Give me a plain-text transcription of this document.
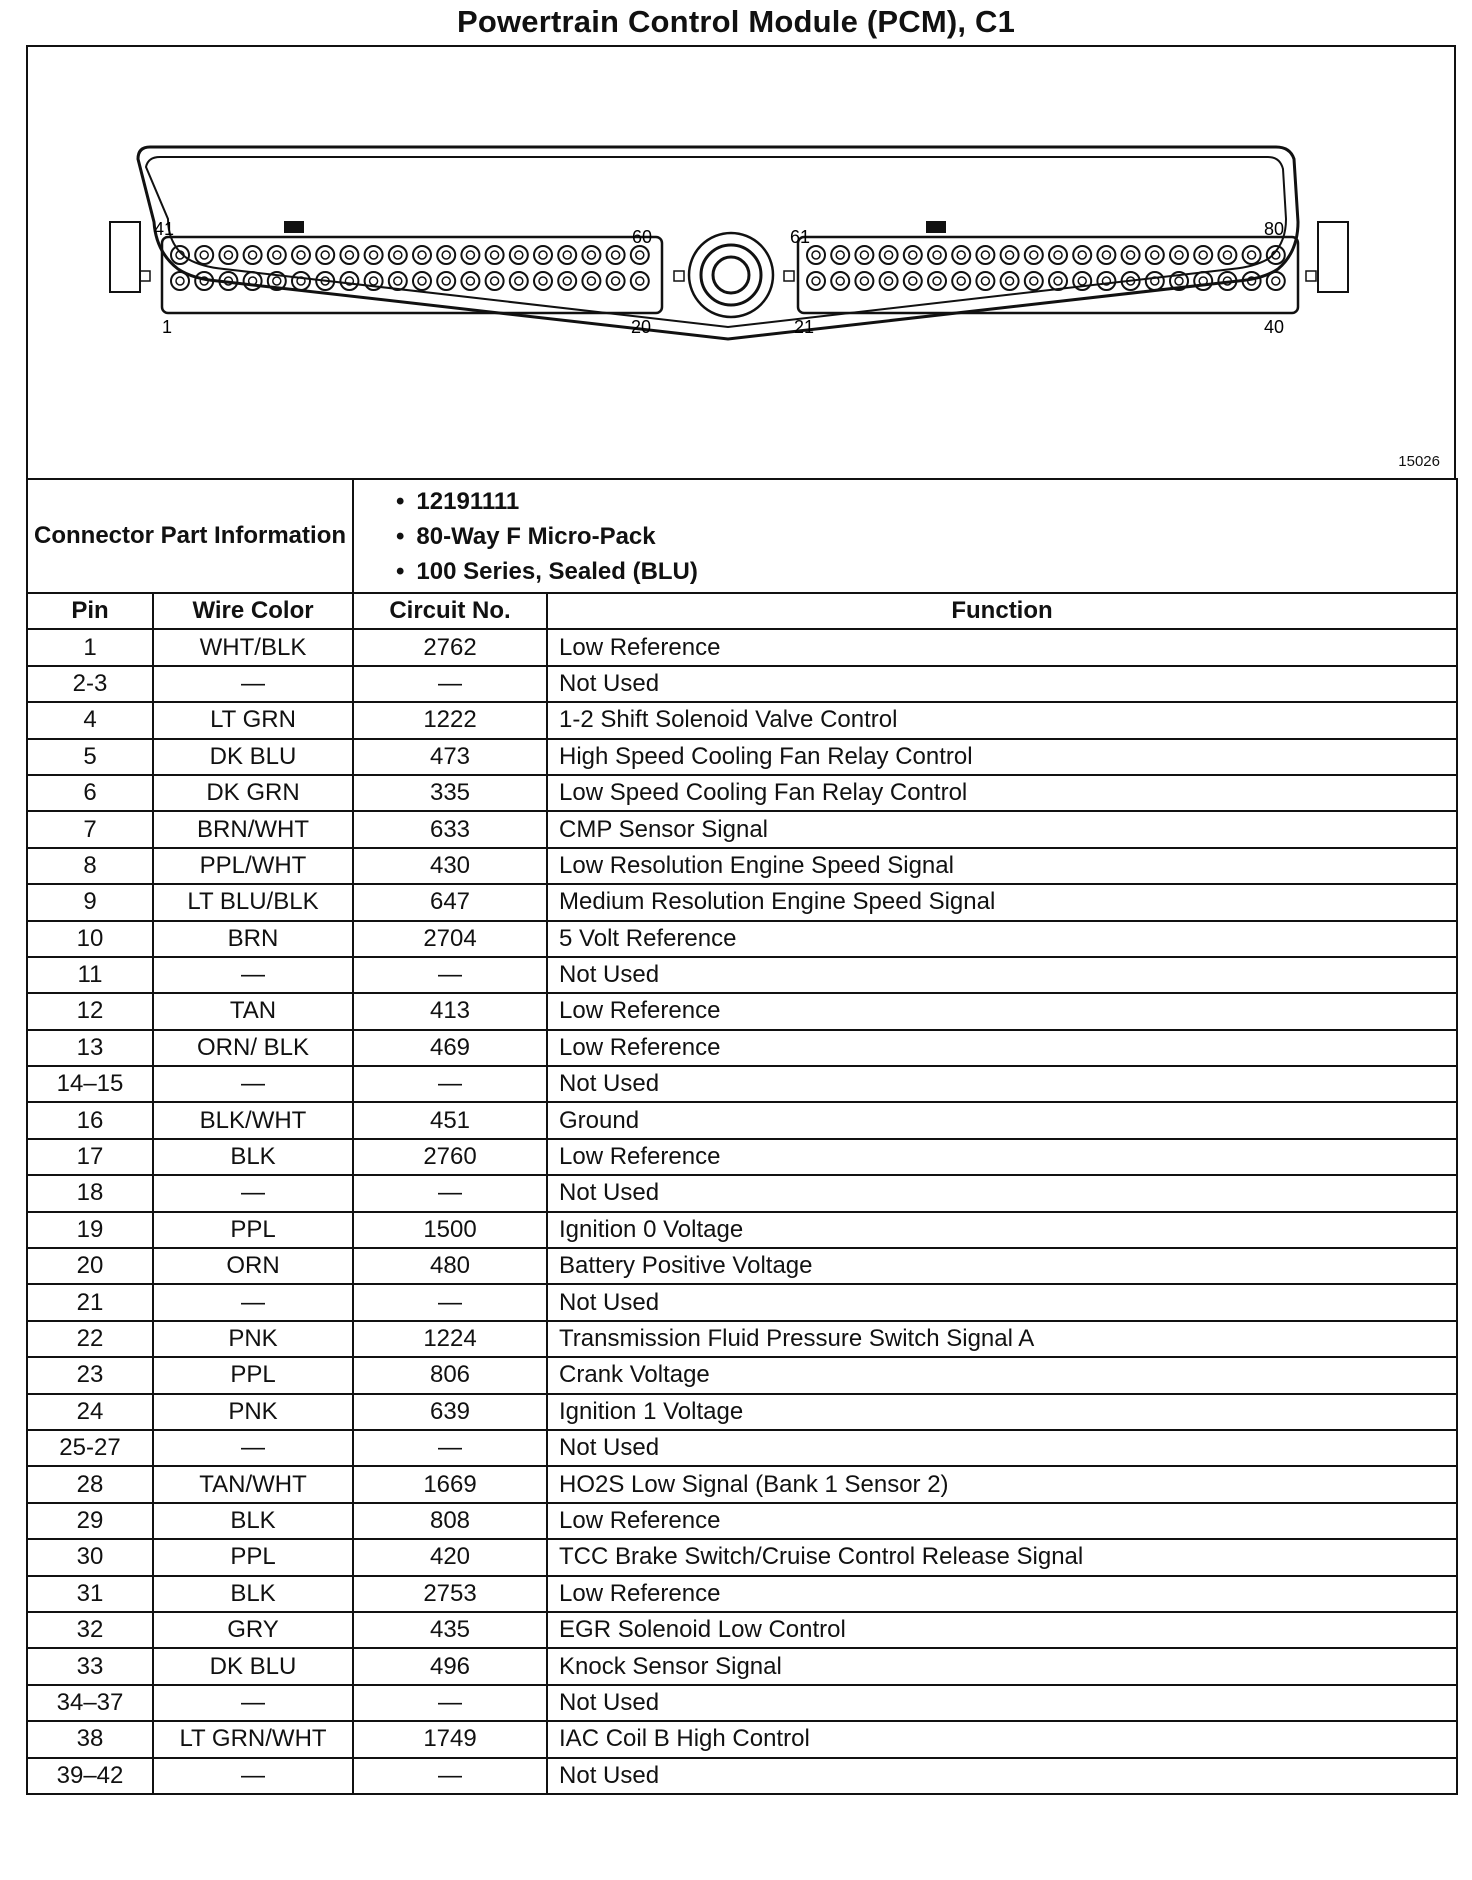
Powertrain Control Module (PCM), C1
41	60
1	20
61	80
21	40
15026
Connector Part Information		• 12191111
• 80-Way F Micro-Pack
• 100 Series, Sealed (BLU)

Pin	Wire Color	Circuit No.	Function
1	WHT/BLK	2762	Low Reference
2-3	—	—	Not Used
4	LT GRN	1222	1-2 Shift Solenoid Valve Control
5	DK BLU	473	High Speed Cooling Fan Relay Control
6	DK GRN	335	Low Speed Cooling Fan Relay Control
7	BRN/WHT	633	CMP Sensor Signal
8	PPL/WHT	430	Low Resolution Engine Speed Signal
9	LT BLU/BLK	647	Medium Resolution Engine Speed Signal
10	BRN	2704	5 Volt Reference
11	—	—	Not Used
12	TAN	413	Low Reference
13	ORN/ BLK	469	Low Reference
14–15	—	—	Not Used
16	BLK/WHT	451	Ground
17	BLK	2760	Low Reference
18	—	—	Not Used
19	PPL	1500	Ignition 0 Voltage
20	ORN	480	Battery Positive Voltage
21	—	—	Not Used
22	PNK	1224	Transmission Fluid Pressure Switch Signal A
23	PPL	806	Crank Voltage
24	PNK	639	Ignition 1 Voltage
25-27	—	—	Not Used
28	TAN/WHT	1669	HO2S Low Signal (Bank 1 Sensor 2)
29	BLK	808	Low Reference
30	PPL	420	TCC Brake Switch/Cruise Control Release Signal
31	BLK	2753	Low Reference
32	GRY	435	EGR Solenoid Low Control
33	DK BLU	496	Knock Sensor Signal
34–37	—	—	Not Used
38	LT GRN/WHT	1749	IAC Coil B High Control
39–42	—	—	Not Used
